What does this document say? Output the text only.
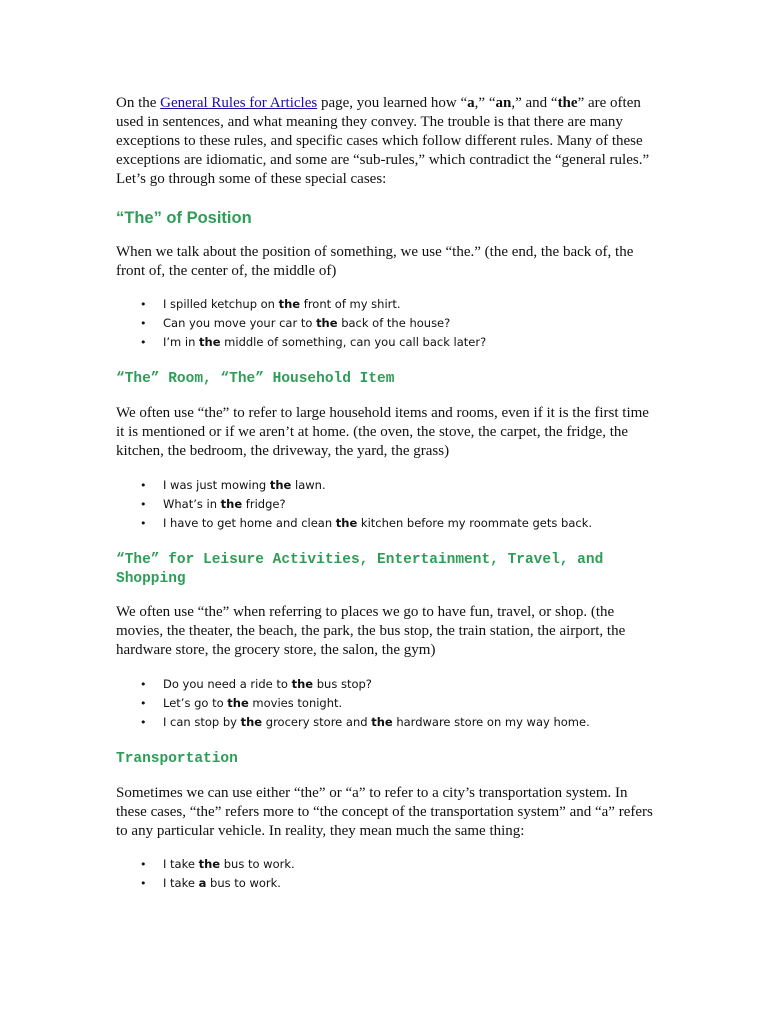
On the General Rules for Articles page, you learned how “a,” “an,” and “the” are often used in sentences, and what meaning they convey. The trouble is that there are many exceptions to these rules, and specific cases which follow different rules. Many of these exceptions are idiomatic, and some are “sub-rules,” which contradict the “general rules.” Let’s go through some of these special cases:

“The” of Position

When we talk about the position of something, we use “the.” (the end, the back of, the front of, the center of, the middle of)

• I spilled ketchup on the front of my shirt.
• Can you move your car to the back of the house?
• I’m in the middle of something, can you call back later?
“The” Room, “The” Household Item

We often use “the” to refer to large household items and rooms, even if it is the first time it is mentioned or if we aren’t at home. (the oven, the stove, the carpet, the fridge, the kitchen, the bedroom, the driveway, the yard, the grass)

• I was just mowing the lawn.
• What’s in the fridge?
• I have to get home and clean the kitchen before my roommate gets back.
“The” for Leisure Activities, Entertainment, Travel, and Shopping

We often use “the” when referring to places we go to have fun, travel, or shop. (the movies, the theater, the beach, the park, the bus stop, the train station, the airport, the hardware store, the grocery store, the salon, the gym)

• Do you need a ride to the bus stop?
• Let’s go to the movies tonight.
• I can stop by the grocery store and the hardware store on my way home.
Transportation

Sometimes we can use either “the” or “a” to refer to a city’s transportation system. In these cases, “the” refers more to “the concept of the transportation system” and “a” refers to any particular vehicle. In reality, they mean much the same thing:

• I take the bus to work.
• I take a bus to work.
